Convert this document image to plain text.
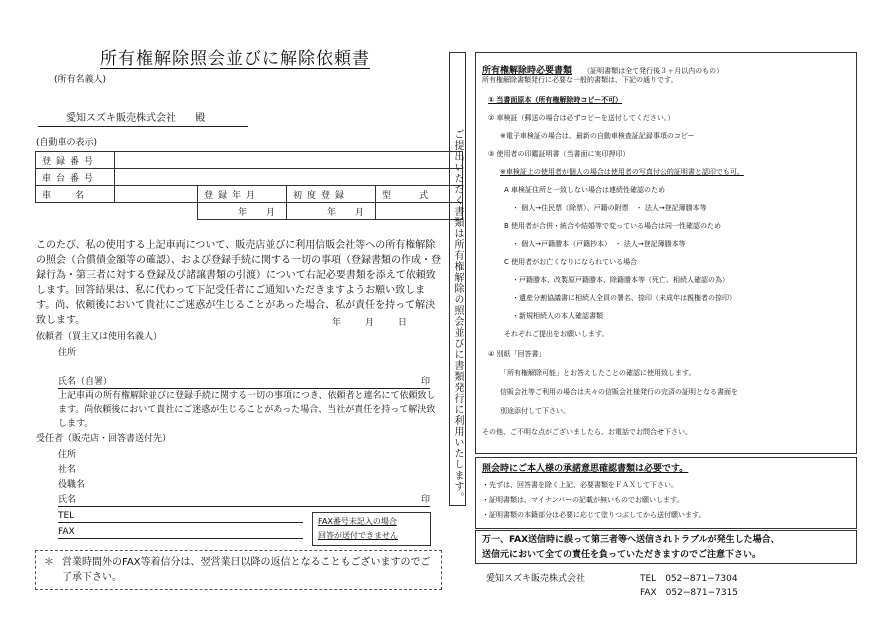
所有権解除照会並びに解除依頼書
(所有名義人)
愛知スズキ販売株式会社 殿
(自動車の表示)
登録番号				
車台番号				
車名		登録年月	初度登録	型式
		年　月	年　月	
このたび、私の使用する上記車両について、販売店並びに利用信販会社等への所有権解除の照会（合償債金額等の確認）、および登録手続に関する一切の事項（登録書類の作成・登録行為・第三者に対する登録及び諸譲書類の引渡）について右記必要書類を添えて依頼致します。回答結果は、私に代わって下記受任者にご通知いただきますようお願い致します。尚、依頼後において貴社にご迷惑が生じることがあった場合、私が責任を持って解決致します。	年　　月　　日
依頼者（買主又は使用名義人）
住所
氏名（自署）	印
上記車両の所有権解除並びに登録手続に関する一切の事項につき、依頼者と連名にて依頼致します。尚依頼後において貴社にご迷惑が生じることがあった場合、当社が責任を持って解決致します。
受任者（販売店・回答書送付先）
住所
社名
役職名
氏名	印
TEL
FAX
FAX番号未記入の場合
回答が送付できません
＊ 営業時間外のFAX等着信分は、翌営業日以降の返信となることもございますのでご了承下さい。
ご提出いただく書類は所有権解除の照会並びに書類発行に利用いたします。
所有権解除時必要書類 （証明書類は全て発行後３ヶ月以内のもの）
所有権解除書類発行に必要な一般的書類は、下記の通りです。
① 当書面原本（所有権解除時コピー不可）
② 車検証（郵送の場合は必ずコピーを送付してください。）
※電子車検証の場合は、最新の自動車検査証記録事項のコピー
③ 使用者の印鑑証明書（当書面に実印押印）
※車検証上の使用者が個人の場合は使用者の写真付公的証明書と認印でも可。
A 車検証住所と一致しない場合は連続性確認のため
・ 個人→住民票（除票）、戸籍の附票　・ 法人→登記簿謄本等
B 使用者が合併・統合や結婚等で変っている場合は同一性確認のため
・ 個人→戸籍謄本（戸籍抄本）　・ 法人→登記簿謄本等
C 使用者がお亡くなりになられている場合
・戸籍謄本、改製原戸籍謄本、除籍謄本等（死亡、相続人確認の為）
・遺産分割協議書に相続人全員の署名、捺印（未成年は親権者の捺印）
・新規相続人の本人確認書類
それぞれご提出をお願いします。
④ 別紙「回答書」
「所有権解除可能」とお答えしたことの確認に使用致します。
信販会社等ご利用の場合は夫々の信販会社様発行の完済の証明となる書面を
別途添付して下さい。
その他、ご不明な点がございましたら、お電話でお問合せ下さい。
照会時にご本人様の承諾意思確認書類は必要です。
・先ずは、回答書を除く上記、必要書類をＦＡＸして下さい。
・証明書類は、マイナンバーの記載が無いものでお願いします。
・証明書類の本籍部分は必要に応じて塗りつぶしてから送付願います。
万一、FAX送信時に誤って第三者等へ送信されトラブルが発生した場合、
送信元において全ての責任を負っていただきますのでご注意下さい。
愛知スズキ販売株式会社	TEL　052−871−7304
FAX　052−871−7315
